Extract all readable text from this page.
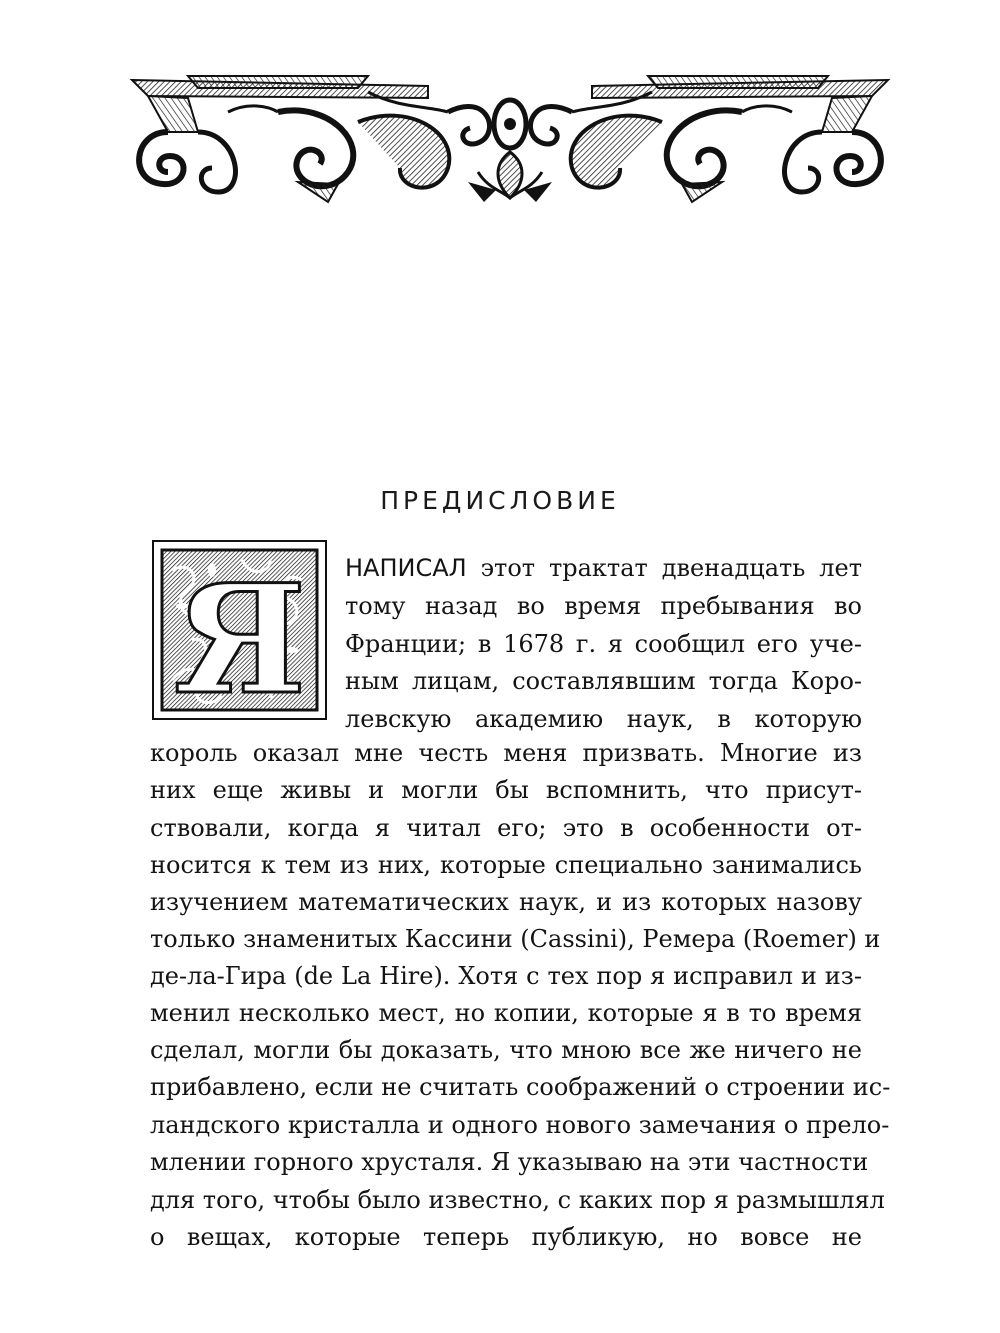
ПРЕДИСЛОВИЕ
Я НАПИСАЛ этот трактат двенадцать лет
тому назад во время пребывания во
Франции; в 1678 г. я сообщил его уче-
ным лицам, составлявшим тогда Коро-
левскую академию наук, в которую
король оказал мне честь меня призвать. Многие из
них еще живы и могли бы вспомнить, что присут-
ствовали, когда я читал его; это в особенности от-
носится к тем из них, которые специально занимались
изучением математических наук, и из которых назову
только знаменитых Кассини (Cassini), Ремера (Roemer) и
де-ла-Гира (de La Hire). Хотя с тех пор я исправил и из-
менил несколько мест, но копии, которые я в то время
сделал, могли бы доказать, что мною все же ничего не
прибавлено, если не считать соображений о строении ис-
ландского кристалла и одного нового замечания о прело-
млении горного хрусталя. Я указываю на эти частности
для того, чтобы было известно, с каких пор я размышлял
о вещах, которые теперь публикую, но вовсе не
